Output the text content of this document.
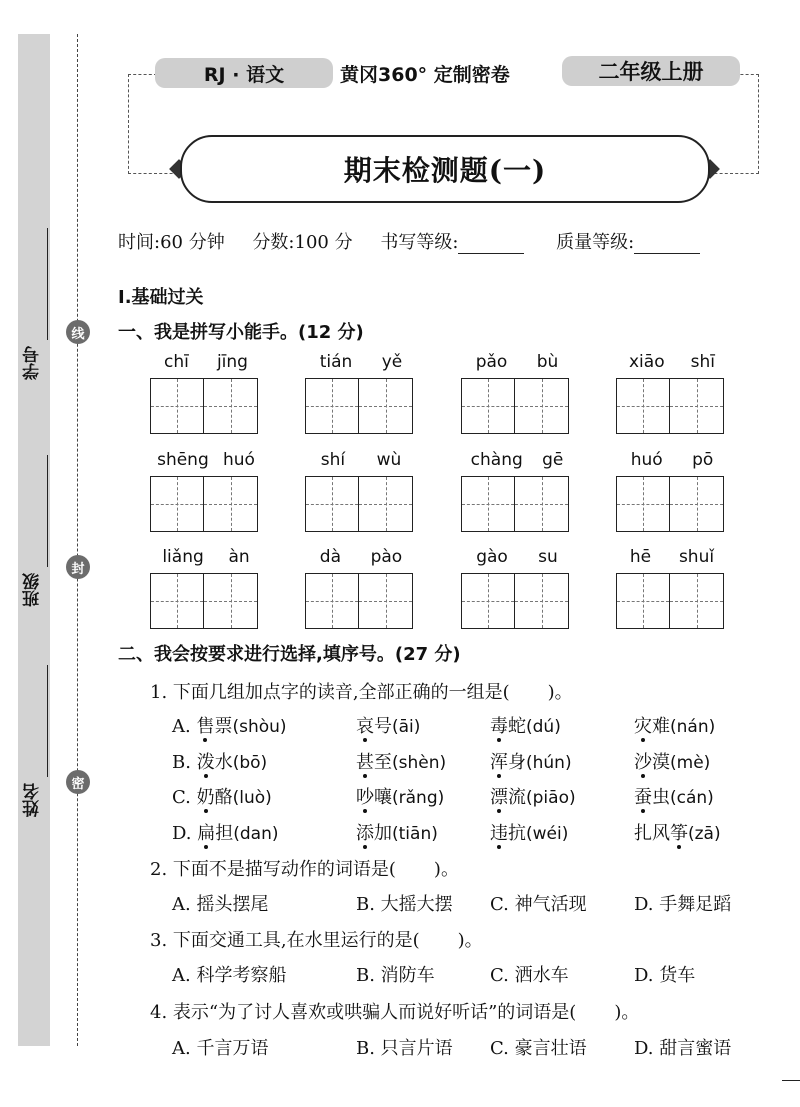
学号
班级
姓名
线
封
密
RJ · 语文	黄冈360° 定制密卷	二年级上册
期末检测题(一)
时间:60 分钟 分数:100 分 书写等级:	质量等级:
Ⅰ.基础过关
一、我是拼写小能手。(12 分)
chī jīng	tián yě	pǎo bù	xiāo shī
shēng huó	shí wù	chàng gē	huó pō
liǎng àn	dà pào	gào su	hē shuǐ
二、我会按要求进行选择,填序号。(27 分)
1. 下面几组加点字的读音,全部正确的一组是( )。
A. 售票(shòu)	哀号(āi)	毒蛇(dú)	灾难(nán)
B. 泼水(bō)	甚至(shèn) 浑身(hún)	沙漠(mè)
C. 奶酪(luò)	吵嚷(rǎng)	漂流(piāo)	蚕虫(cán)
D. 扁担(dan)	添加(tiān)	违抗(wéi)	扎风筝(zā)
2. 下面不是描写动作的词语是( )。
A. 摇头摆尾	B. 大摇大摆 C. 神气活现	D. 手舞足蹈
3. 下面交通工具,在水里运行的是( )。
A. 科学考察船	B. 消防车	C. 洒水车	D. 货车
4. 表示“为了讨人喜欢或哄骗人而说好听话”的词语是( )。
A. 千言万语	B. 只言片语 C. 豪言壮语	D. 甜言蜜语
